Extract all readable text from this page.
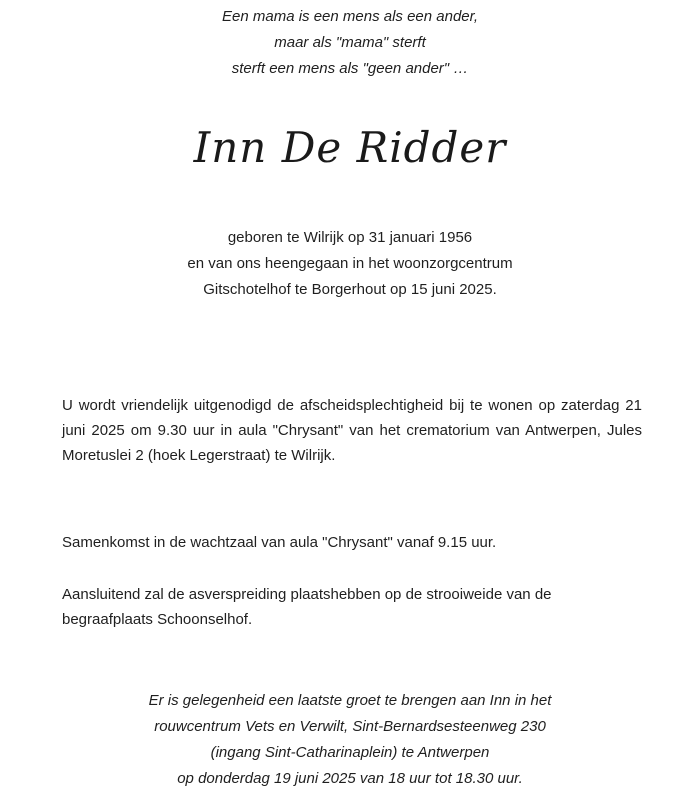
Een mama is een mens als een ander,
maar als "mama" sterft
sterft een mens als "geen ander" …
Inn De Ridder
geboren te Wilrijk op 31 januari 1956
en van ons heengegaan in het woonzorgcentrum
Gitschotelhof te Borgerhout op 15 juni 2025.
U wordt vriendelijk uitgenodigd de afscheidsplechtigheid bij te wonen op zaterdag 21 juni 2025 om 9.30 uur in aula "Chrysant" van het crematorium van Antwerpen, Jules Moretuslei 2 (hoek Legerstraat) te Wilrijk.
Samenkomst in de wachtzaal van aula "Chrysant" vanaf 9.15 uur.
Aansluitend zal de asverspreiding plaatshebben op de strooiweide van de begraafplaats Schoonselhof.
Er is gelegenheid een laatste groet te brengen aan Inn in het
rouwcentrum Vets en Verwilt, Sint-Bernardsesteenweg 230
(ingang Sint-Catharinaplein) te Antwerpen
op donderdag 19 juni 2025 van 18 uur tot 18.30 uur.
